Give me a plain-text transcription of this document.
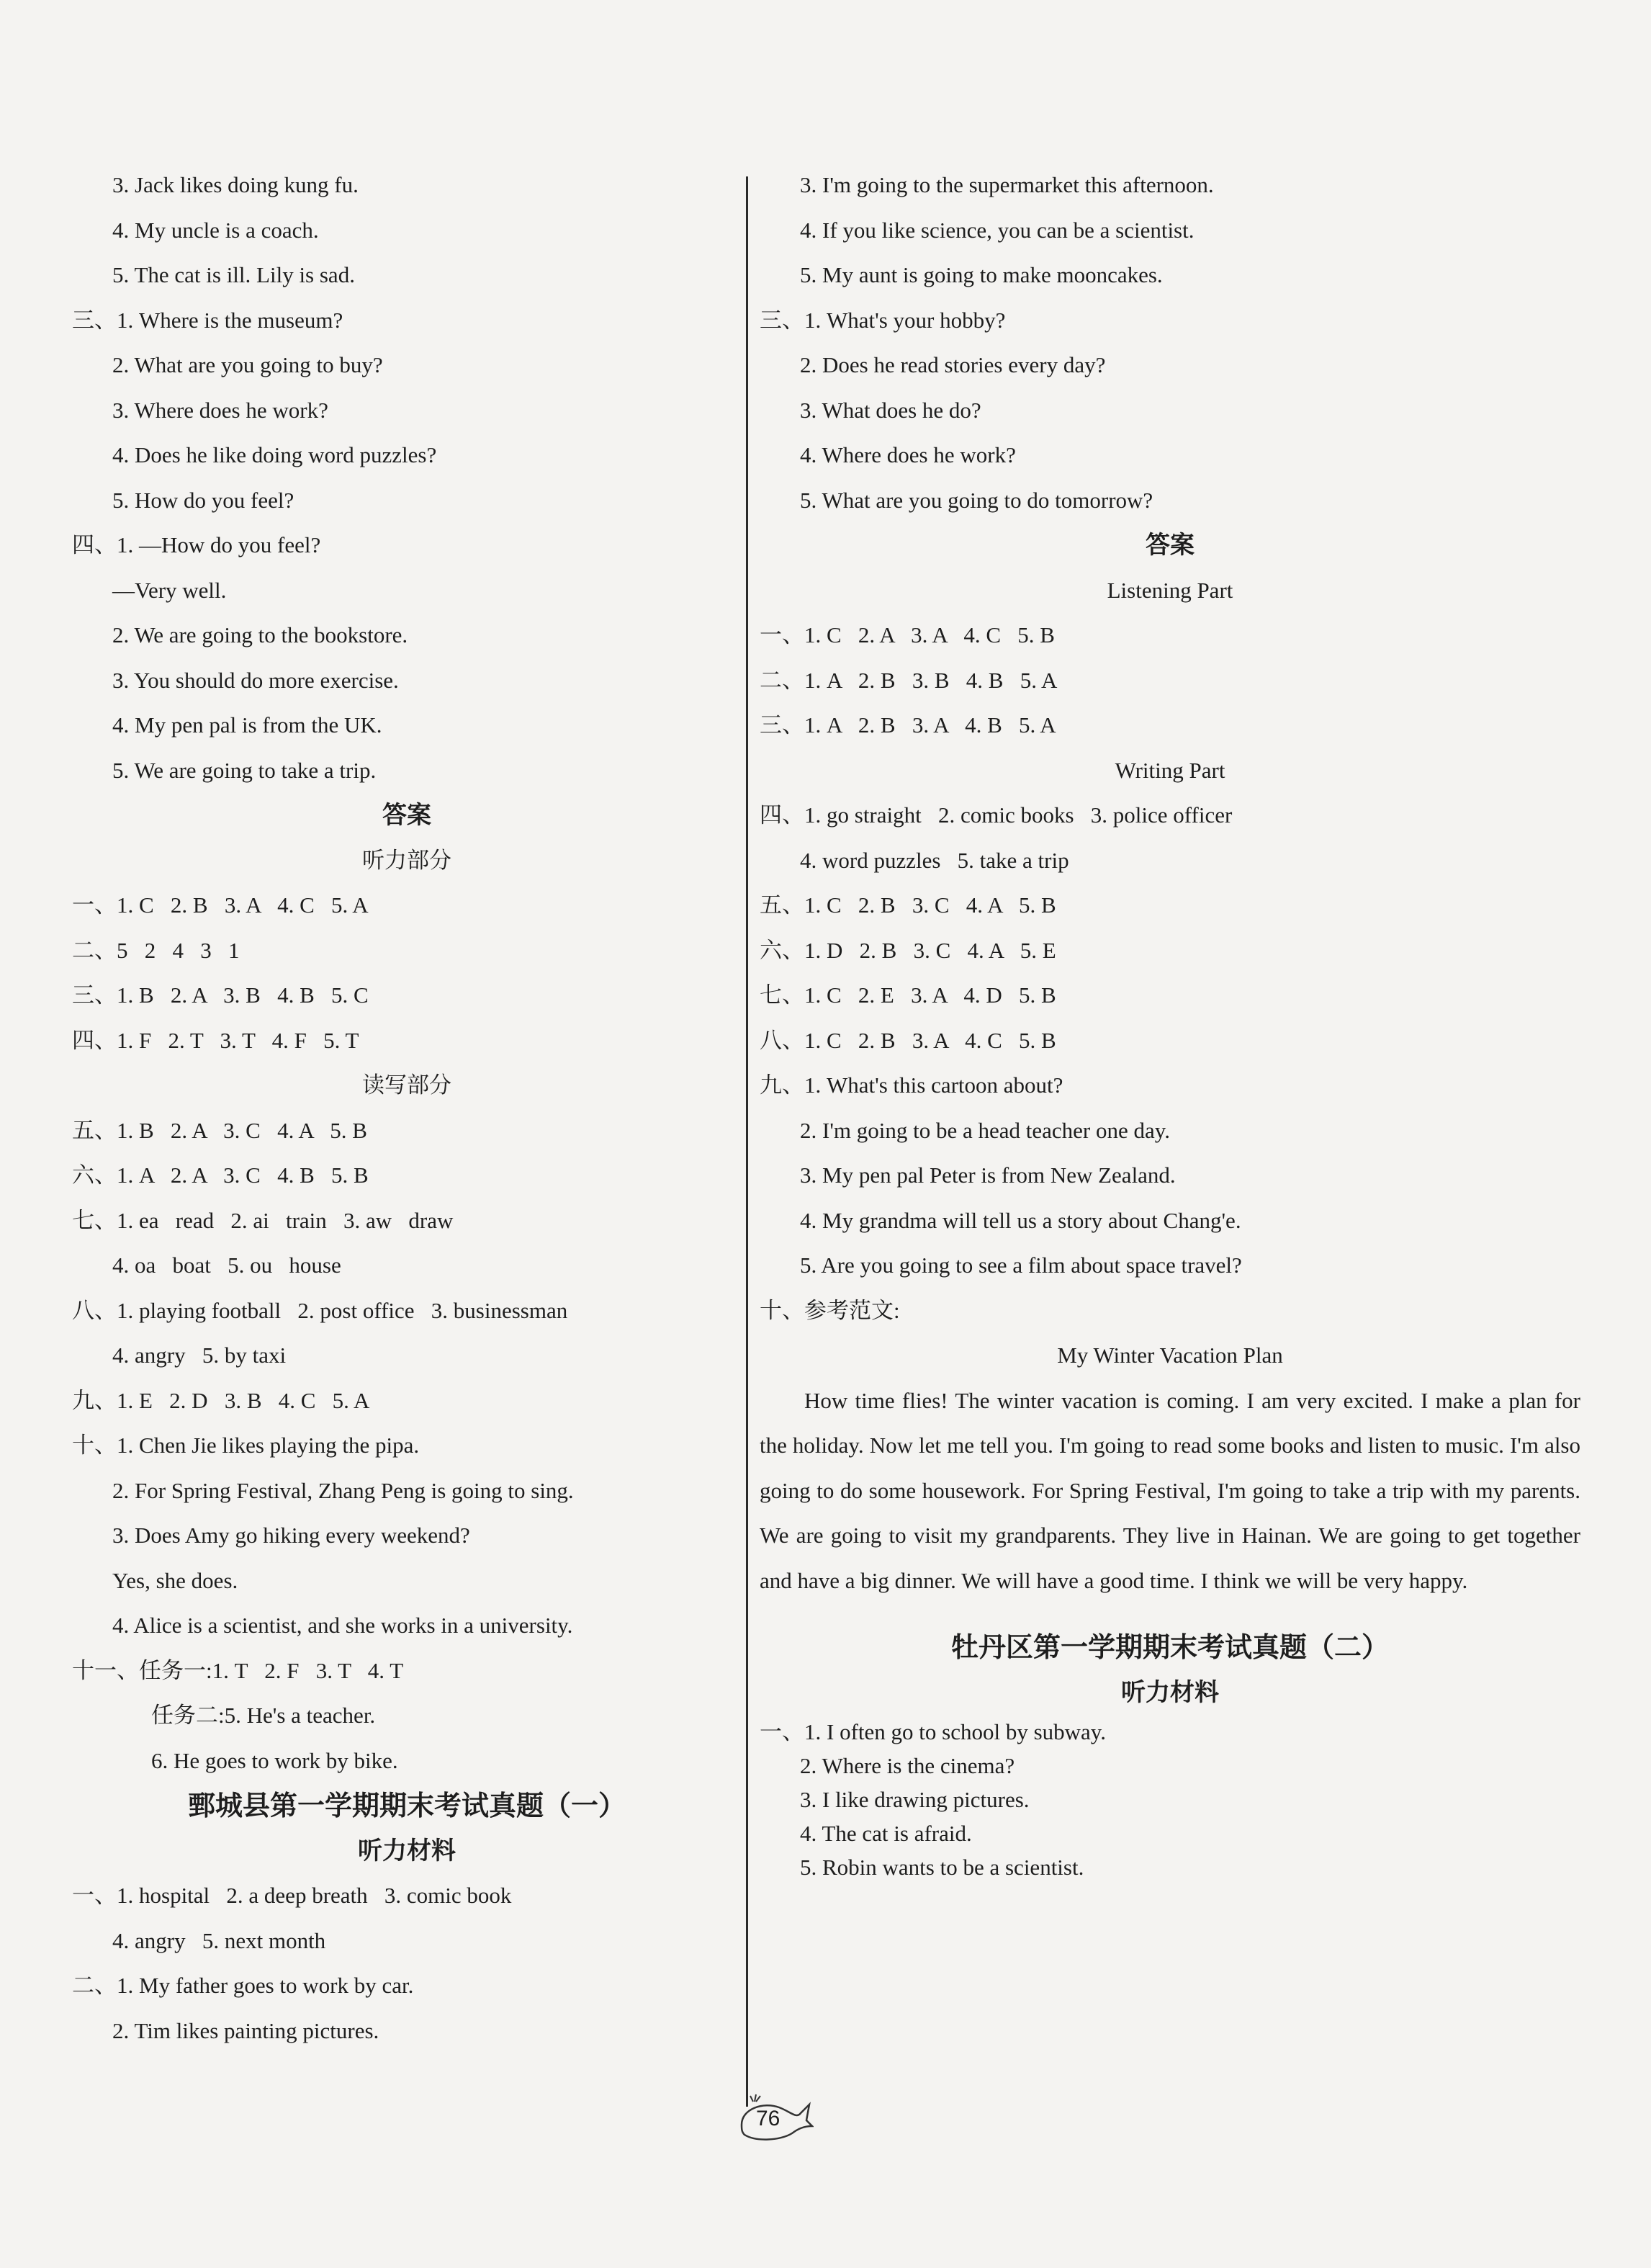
3. Jack likes doing kung fu.
4. My uncle is a coach.
5. The cat is ill. Lily is sad.
三、1. Where is the museum?
2. What are you going to buy?
3. Where does he work?
4. Does he like doing word puzzles?
5. How do you feel?
四、1. —How do you feel?
—Very well.
2. We are going to the bookstore.
3. You should do more exercise.
4. My pen pal is from the UK.
5. We are going to take a trip.
答案
听力部分
一、1. C   2. B   3. A   4. C   5. A
二、5   2   4   3   1
三、1. B   2. A   3. B   4. B   5. C
四、1. F   2. T   3. T   4. F   5. T
读写部分
五、1. B   2. A   3. C   4. A   5. B
六、1. A   2. A   3. C   4. B   5. B
七、1. ea   read   2. ai   train   3. aw   draw
4. oa   boat   5. ou   house
八、1. playing football   2. post office   3. businessman
4. angry   5. by taxi
九、1. E   2. D   3. B   4. C   5. A
十、1. Chen Jie likes playing the pipa.
2. For Spring Festival, Zhang Peng is going to sing.
3. Does Amy go hiking every weekend?
Yes, she does.
4. Alice is a scientist, and she works in a university.
十一、任务一:1. T   2. F   3. T   4. T
任务二:5. He's a teacher.
6. He goes to work by bike.
鄄城县第一学期期末考试真题（一）
听力材料
一、1. hospital   2. a deep breath   3. comic book
4. angry   5. next month
二、1. My father goes to work by car.
2. Tim likes painting pictures.
3. I'm going to the supermarket this afternoon.
4. If you like science, you can be a scientist.
5. My aunt is going to make mooncakes.
三、1. What's your hobby?
2. Does he read stories every day?
3. What does he do?
4. Where does he work?
5. What are you going to do tomorrow?
答案
Listening Part
一、1. C   2. A   3. A   4. C   5. B
二、1. A   2. B   3. B   4. B   5. A
三、1. A   2. B   3. A   4. B   5. A
Writing Part
四、1. go straight   2. comic books   3. police officer
4. word puzzles   5. take a trip
五、1. C   2. B   3. C   4. A   5. B
六、1. D   2. B   3. C   4. A   5. E
七、1. C   2. E   3. A   4. D   5. B
八、1. C   2. B   3. A   4. C   5. B
九、1. What's this cartoon about?
2. I'm going to be a head teacher one day.
3. My pen pal Peter is from New Zealand.
4. My grandma will tell us a story about Chang'e.
5. Are you going to see a film about space travel?
十、参考范文:
My Winter Vacation Plan

How time flies! The winter vacation is coming. I am very excited. I make a plan for the holiday. Now let me tell you. I'm going to read some books and listen to music. I'm also going to do some housework. For Spring Festival, I'm going to take a trip with my parents. We are going to visit my grandparents. They live in Hainan. We are going to get together and have a big dinner. We will have a good time. I think we will be very happy.

牡丹区第一学期期末考试真题（二）
听力材料
一、1. I often go to school by subway.
2. Where is the cinema?
3. I like drawing pictures.
4. The cat is afraid.
5. Robin wants to be a scientist.
76
